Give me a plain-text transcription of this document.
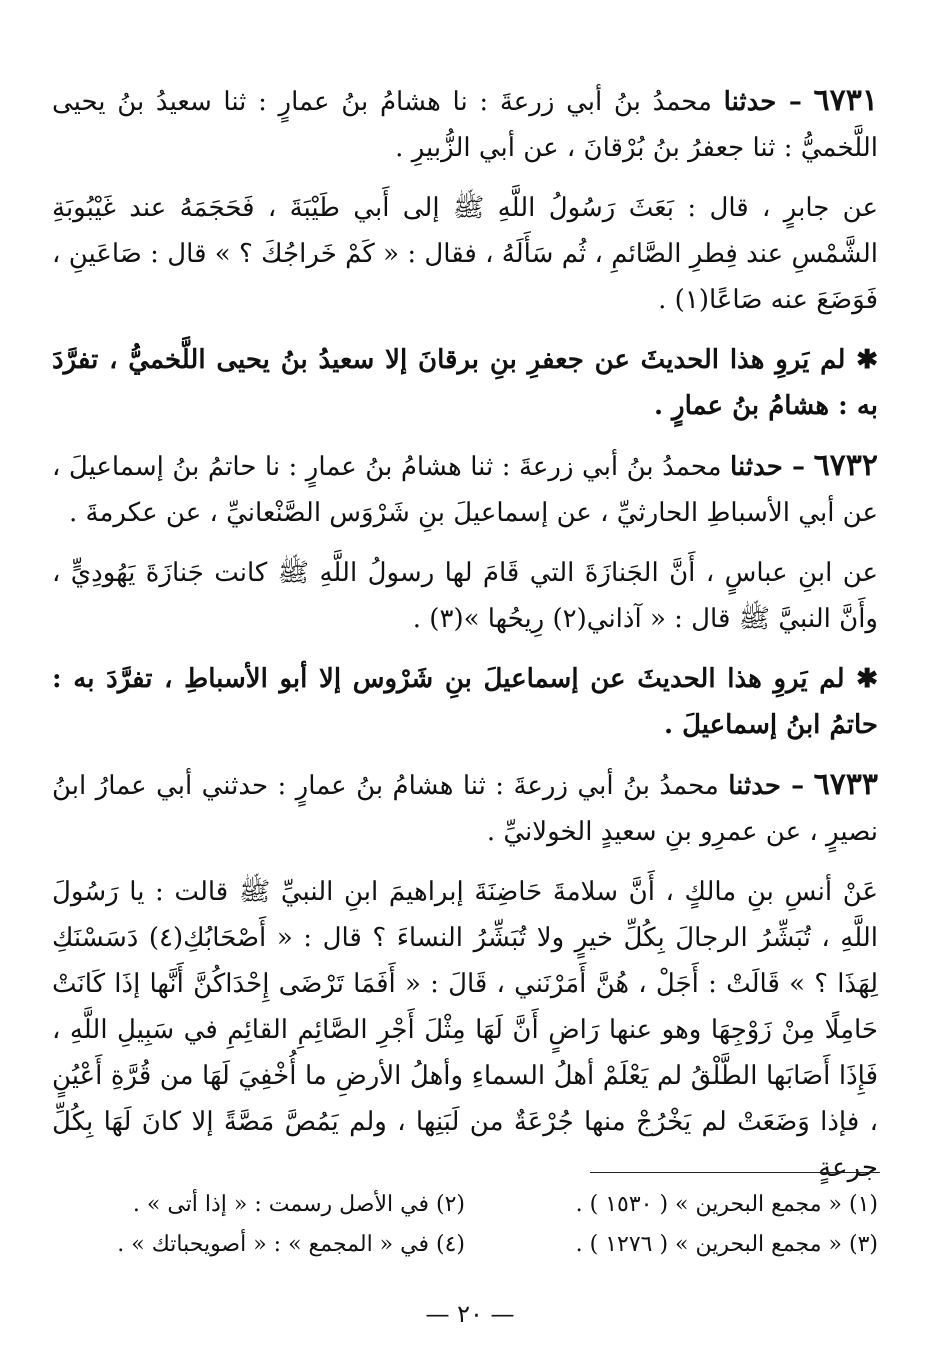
٦٧٣١ – حدثنا محمدُ بنُ أبي زرعةَ : نا هشامُ بنُ عمارٍ : ثنا سعيدُ بنُ يحيى اللَّخميُّ : ثنا جعفرُ بنُ بُرْقانَ ، عن أبي الزُّبيرِ .

عن جابرٍ ، قال : بَعَثَ رَسُولُ اللَّهِ ﷺ إلى أَبي طَيْبَةَ ، فَحَجَمَهُ عند غَيْبُوبَةِ الشَّمْسِ عند فِطرِ الصَّائمِ ، ثُم سَأَلَهُ ، فقال : « كَمْ خَراجُكَ ؟ » قال : صَاعَينِ ، فَوَضَعَ عنه صَاعًا(١) .

✱ لم يَروِ هذا الحديثَ عن جعفرِ بنِ برقانَ إلا سعيدُ بنُ يحيى اللَّخميُّ ، تفرَّدَ به : هشامُ بنُ عمارٍ .

٦٧٣٢ – حدثنا محمدُ بنُ أبي زرعةَ : ثنا هشامُ بنُ عمارٍ : نا حاتمُ بنُ إسماعيلَ ، عن أبي الأسباطِ الحارثيِّ ، عن إسماعيلَ بنِ شَرْوَس الصَّنْعانيِّ ، عن عكرمةَ .

عن ابنِ عباسٍ ، أَنَّ الجَنازَةَ التي قَامَ لها رسولُ اللَّهِ ﷺ كانت جَنازَةَ يَهُودِيٍّ ، وأَنَّ النبيَّ ﷺ قال : « آذاني(٢) رِيحُها »(٣) .

✱ لم يَروِ هذا الحديثَ عن إسماعيلَ بنِ شَرْوس إلا أبو الأسباطِ ، تفرَّدَ به : حاتمُ ابنُ إسماعيلَ .

٦٧٣٣ – حدثنا محمدُ بنُ أبي زرعةَ : ثنا هشامُ بنُ عمارٍ : حدثني أبي عمارُ ابنُ نصيرٍ ، عن عمرِو بنِ سعيدٍ الخولانيِّ .

عَنْ أنسِ بنِ مالكٍ ، أَنَّ سلامةَ حَاضِنَةَ إبراهيمَ ابنِ النبيِّ ﷺ قالت : يا رَسُولَ اللَّهِ ، تُبَشِّرُ الرجالَ بِكُلِّ خيرٍ ولا تُبَشِّرُ النساءَ ؟ قال : « أَصْحَابُكِ(٤) دَسَسْنَكِ لِهَذَا ؟ » قَالَتْ : أَجَلْ ، هُنَّ أَمَرْنَني ، قَالَ : « أَفَمَا تَرْضَى إِحْدَاكُنَّ أَنَّها إذَا كَانَتْ حَامِلًا مِنْ زَوْجِهَا وهو عنها رَاضٍ أَنَّ لَهَا مِثْلَ أَجْرِ الصَّائِمِ القائِمِ في سَبِيلِ اللَّهِ ، فَإِذَا أَصَابَها الطَّلْقُ لم يَعْلَمْ أهلُ السماءِ وأهلُ الأرضِ ما أُخْفِيَ لَهَا من قُرَّةِ أَعْيُنٍ ، فإذا وَضَعَتْ لم يَخْرُجْ منها جُرْعَةٌ من لَبَنِها ، ولم يَمُصَّ مَصَّةً إلا كانَ لَهَا بِكُلِّ جرعةٍ

(١) « مجمع البحرين » ( ١٥٣٠ ) .
(٢) في الأصل رسمت : « إذا أتى » .
(٣) « مجمع البحرين » ( ١٢٧٦ ) .
(٤) في « المجمع » : « أصويحباتك » .
— ٢٠ —
